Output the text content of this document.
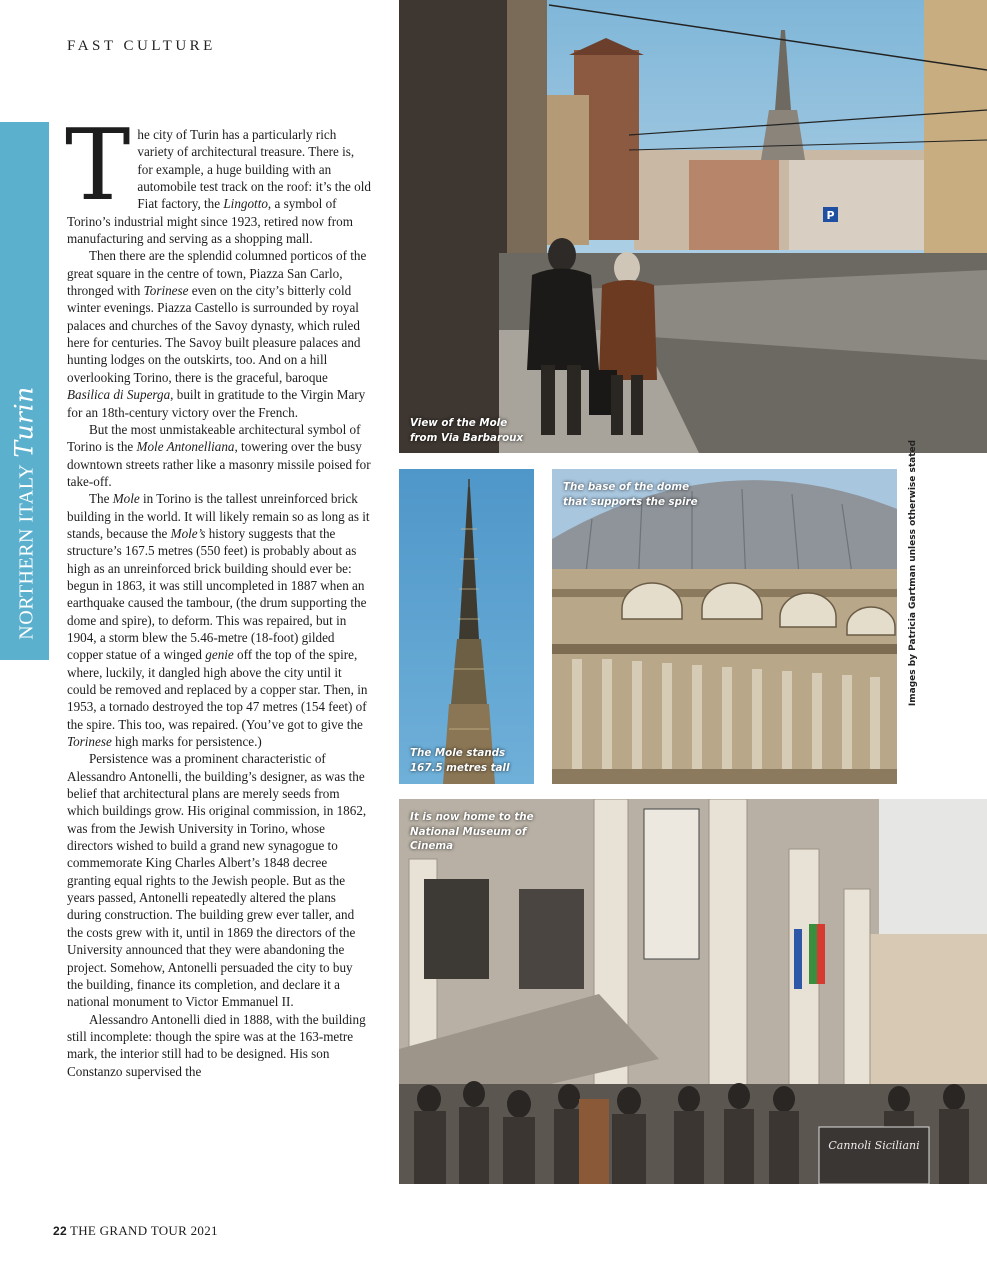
FAST CULTURE
NORTHERN ITALYTurin

The city of Turin has a particularly rich variety of architectural treasure. There is, for example, a huge building with an automobile test track on the roof: it’s the old Fiat factory, the Lingotto, a symbol of Torino’s industrial might since 1923, retired now from manufacturing and serving as a shopping mall.

Then there are the splendid columned porticos of the great square in the centre of town, Piazza San Carlo, thronged with Torinese even on the city’s bitterly cold winter evenings. Piazza Castello is surrounded by royal palaces and churches of the Savoy dynasty, which ruled here for centuries. The Savoy built pleasure palaces and hunting lodges on the outskirts, too. And on a hill overlooking Torino, there is the graceful, baroque Basilica di Superga, built in gratitude to the Virgin Mary for an 18th-century victory over the French.

But the most unmistakeable architectural symbol of Torino is the Mole Antonelliana, towering over the busy downtown streets rather like a masonry missile poised for take-off.

The Mole in Torino is the tallest unreinforced brick building in the world. It will likely remain so as long as it stands, because the Mole’s history suggests that the structure’s 167.5 metres (550 feet) is probably about as high as an unreinforced brick building should ever be: begun in 1863, it was still uncompleted in 1887 when an earthquake caused the tambour, (the drum supporting the dome and spire), to deform. This was repaired, but in 1904, a storm blew the 5.46-metre (18-foot) gilded copper statue of a winged genie off the top of the spire, where, luckily, it dangled high above the city until it could be removed and replaced by a copper star. Then, in 1953, a tornado destroyed the top 47 metres (154 feet) of the spire. This too, was repaired. (You’ve got to give the Torinese high marks for persistence.)

Persistence was a prominent characteristic of Alessandro Antonelli, the building’s designer, as was the belief that architectural plans are merely seeds from which buildings grow. His original commission, in 1862, was from the Jewish University in Torino, whose directors wished to build a grand new synagogue to commemorate King Charles Albert’s 1848 decree granting equal rights to the Jewish people. But as the years passed, Antonelli repeatedly altered the plans during construction. The building grew ever taller, and the costs grew with it, until in 1869 the directors of the University announced that they were abandoning the project. Somehow, Antonelli persuaded the city to buy the building, finance its completion, and declare it a national monument to Victor Emmanuel II.

Alessandro Antonelli died in 1888, with the building still incomplete: though the spire was at the 163-metre mark, the interior still had to be designed. His son Constanzo supervised the

P
View of the Mole from Via Barbaroux
The Mole stands 167.5 metres tall
The base of the dome that supports the spire
Cannoli Siciliani
It is now home to the National Museum of Cinema
Images by Patricia Gartman unless otherwise stated
22 THE GRAND TOUR 2021
